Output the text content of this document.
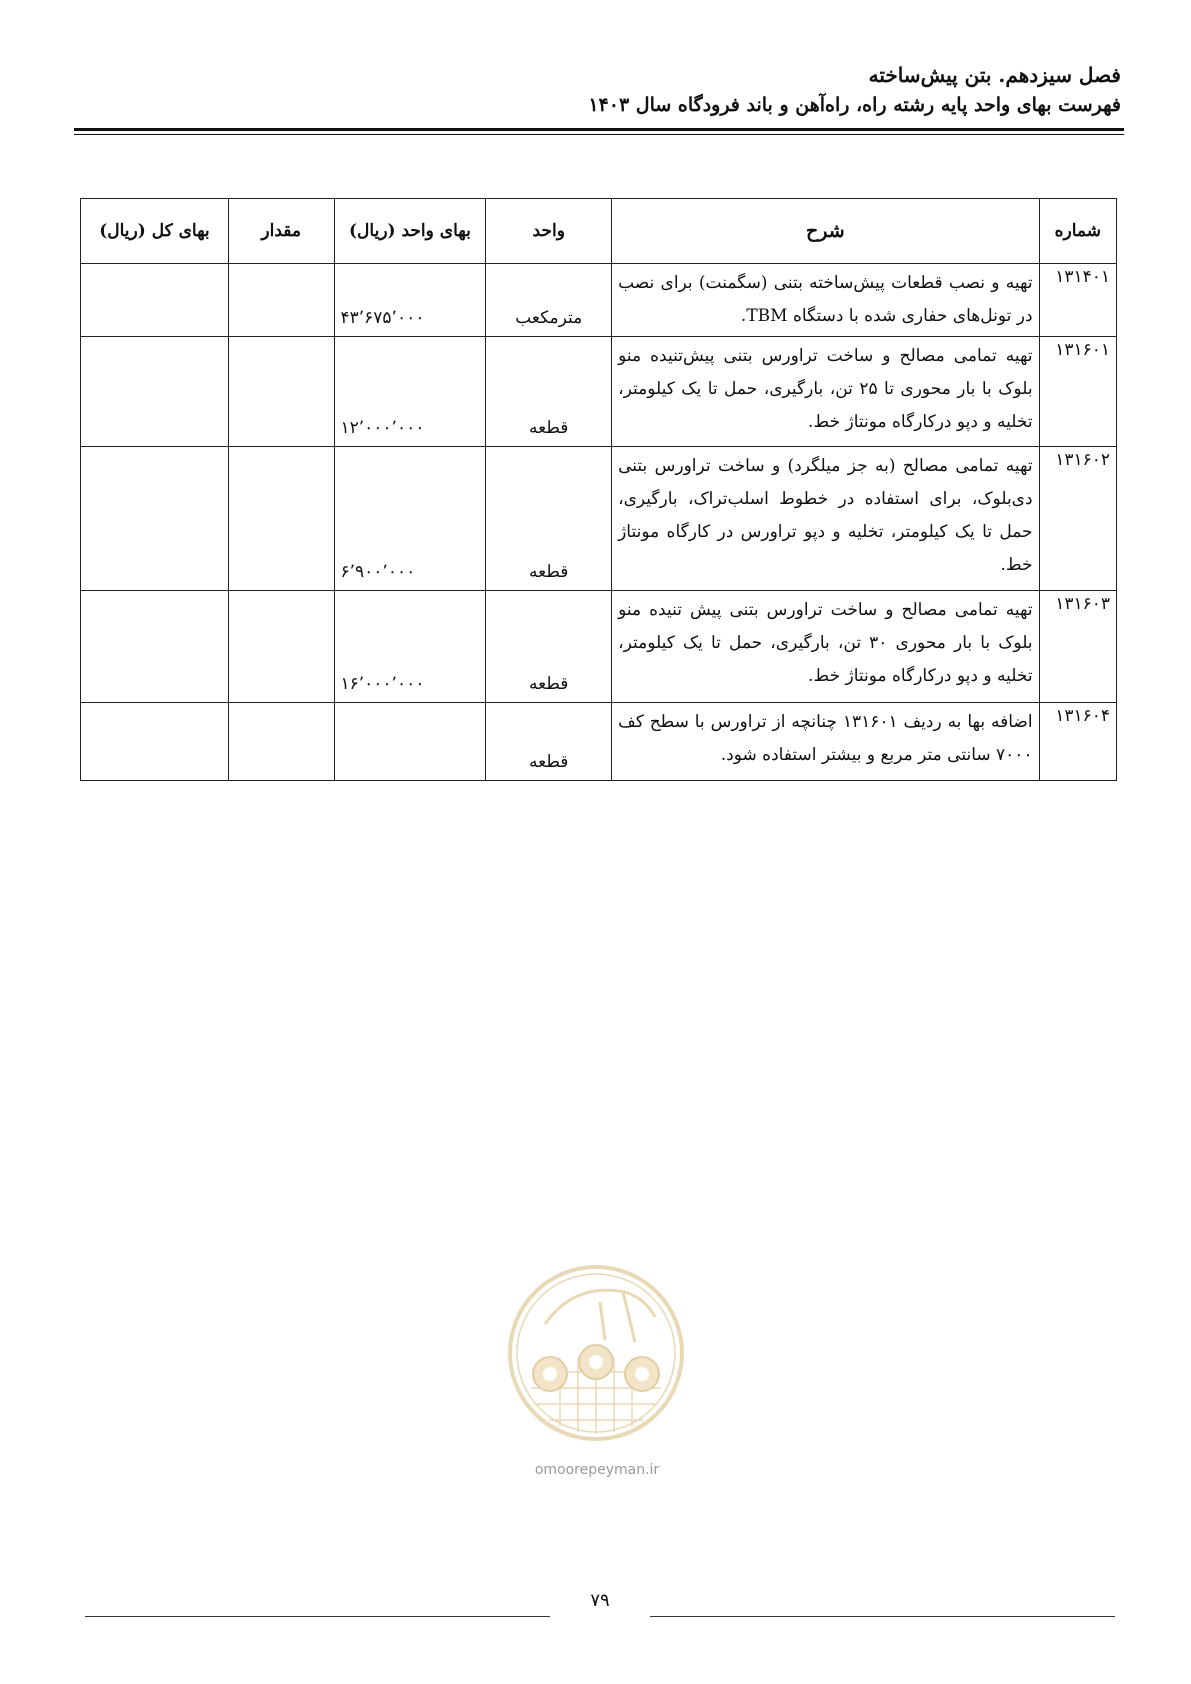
فصل سیزدهم. بتن پیش‌ساخته
فهرست بهای واحد پایه رشته راه، راه‌آهن و باند فرودگاه سال ۱۴۰۳
شماره	شرح	واحد	بهای واحد (ریال)	مقدار	بهای کل (ریال)
۱۳۱۴۰۱	تهیه و نصب قطعات پیش‌ساخته بتنی (سگمنت) برای نصب در تونل‌های حفاری شده با دستگاه TBM.	مترمکعب	۴۳٬۶۷۵٬۰۰۰		
۱۳۱۶۰۱	تهیه تمامی مصالح و ساخت تراورس بتنی پیش‌تنیده منو بلوک با بار محوری تا ۲۵ تن، بارگیری، حمل تا یک کیلومتر، تخلیه و دپو درکارگاه مونتاژ خط.	قطعه	۱۲٬۰۰۰٬۰۰۰		
۱۳۱۶۰۲	تهیه تمامی مصالح (به جز میلگرد) و ساخت تراورس بتنی دی‌بلوک، برای استفاده در خطوط اسلب‌تراک، بارگیری، حمل تا یک کیلومتر، تخلیه و دپو تراورس در کارگاه مونتاژ خط.	قطعه	۶٬۹۰۰٬۰۰۰		
۱۳۱۶۰۳	تهیه تمامی مصالح و ساخت تراورس بتنی پیش تنیده منو بلوک با بار محوری ۳۰ تن، بارگیری، حمل تا یک کیلومتر، تخلیه و دپو درکارگاه مونتاژ خط.	قطعه	۱۶٬۰۰۰٬۰۰۰		
۱۳۱۶۰۴	اضافه بها به ردیف ۱۳۱۶۰۱ چنانچه از تراورس با سطح کف ۷۰۰۰ سانتی متر مربع و بیشتر استفاده شود.	قطعه			
omoorepeyman.ir
۷۹
